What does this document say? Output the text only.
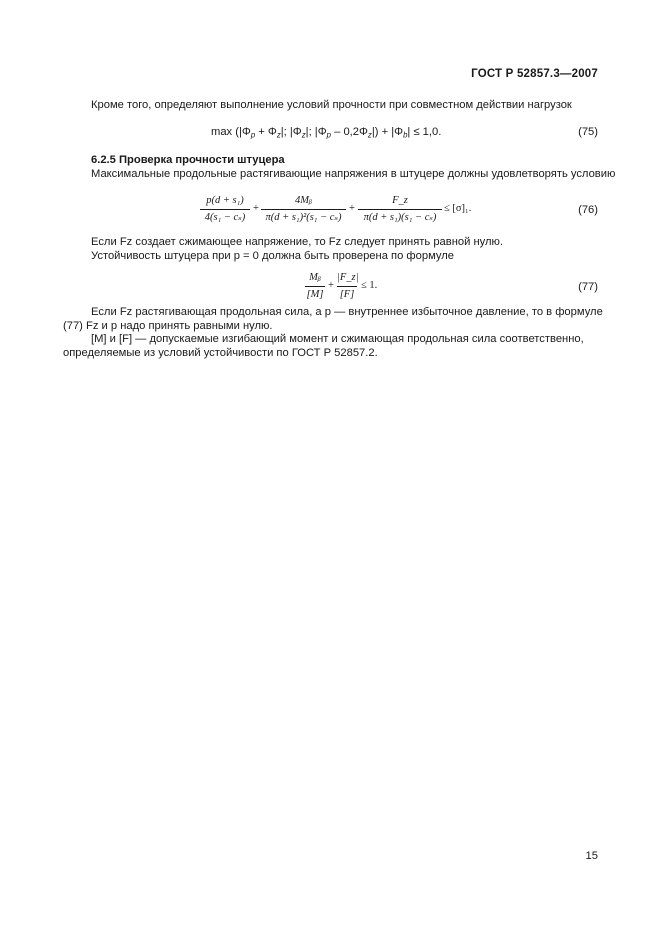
ГОСТ Р 52857.3—2007
Кроме того, определяют выполнение условий прочности при совместном действии нагрузок
$\max (|\Phi_p + \Phi_z|$; $|\Phi_z|$; $|\Phi_p - 0,2\Phi_z|) + |\Phi_b| \le 1,0$.	(75)
6.2.5 Проверка прочности штуцера
Максимальные продольные растягивающие напряжения в штуцере должны удовлетворять условию
p(d + s₁)
4(s₁ − cₛ)
+
4Mᵦ
π(d + s₁)²(s₁ − cₛ)
+
F_z
π(d + s₁)(s₁ − cₛ)
≤ [σ]₁.	(76)
Если Fz создает сжимающее напряжение, то Fz следует принять равной нулю.
Устойчивость штуцера при p = 0 должна быть проверена по формуле
Mᵦ
[M]
+
|F_z|
[F]
≤ 1.	(77)
Если Fz растягивающая продольная сила, а p — внутреннее избыточное давление, то в формуле
(77) Fz и p надо принять равными нулю.
[M] и [F] — допускаемые изгибающий момент и сжимающая продольная сила соответственно,
определяемые из условий устойчивости по ГОСТ Р 52857.2.
15
